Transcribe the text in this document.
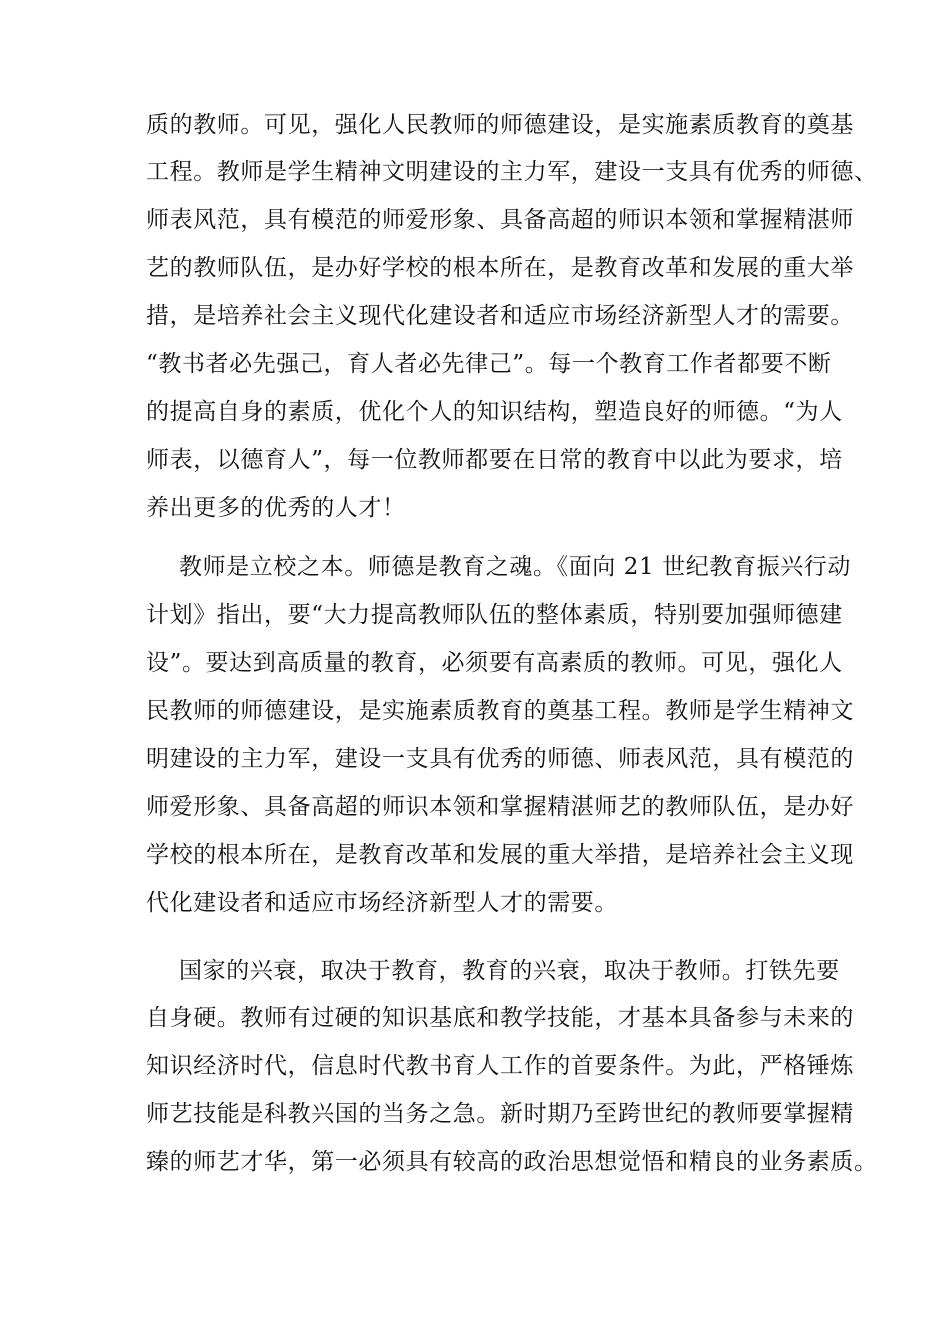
质的教师。可见，强化人民教师的师德建设，是实施素质教育的奠基
工程。教师是学生精神文明建设的主力军，建设一支具有优秀的师德、
师表风范，具有模范的师爱形象、具备高超的师识本领和掌握精湛师
艺的教师队伍，是办好学校的根本所在，是教育改革和发展的重大举
措，是培养社会主义现代化建设者和适应市场经济新型人才的需要。
“教书者必先强己，育人者必先律己”。每一个教育工作者都要不断
的提高自身的素质，优化个人的知识结构，塑造良好的师德。“为人
师表，以德育人”，每一位教师都要在日常的教育中以此为要求，培
养出更多的优秀的人才！
教师是立校之本。师德是教育之魂。《面向 21 世纪教育振兴行动
计划》指出，要“大力提高教师队伍的整体素质，特别要加强师德建
设”。要达到高质量的教育，必须要有高素质的教师。可见，强化人
民教师的师德建设，是实施素质教育的奠基工程。教师是学生精神文
明建设的主力军，建设一支具有优秀的师德、师表风范，具有模范的
师爱形象、具备高超的师识本领和掌握精湛师艺的教师队伍，是办好
学校的根本所在，是教育改革和发展的重大举措，是培养社会主义现
代化建设者和适应市场经济新型人才的需要。
国家的兴衰，取决于教育，教育的兴衰，取决于教师。打铁先要
自身硬。教师有过硬的知识基底和教学技能，才基本具备参与未来的
知识经济时代，信息时代教书育人工作的首要条件。为此，严格锤炼
师艺技能是科教兴国的当务之急。新时期乃至跨世纪的教师要掌握精
臻的师艺才华，第一必须具有较高的政治思想觉悟和精良的业务素质。
